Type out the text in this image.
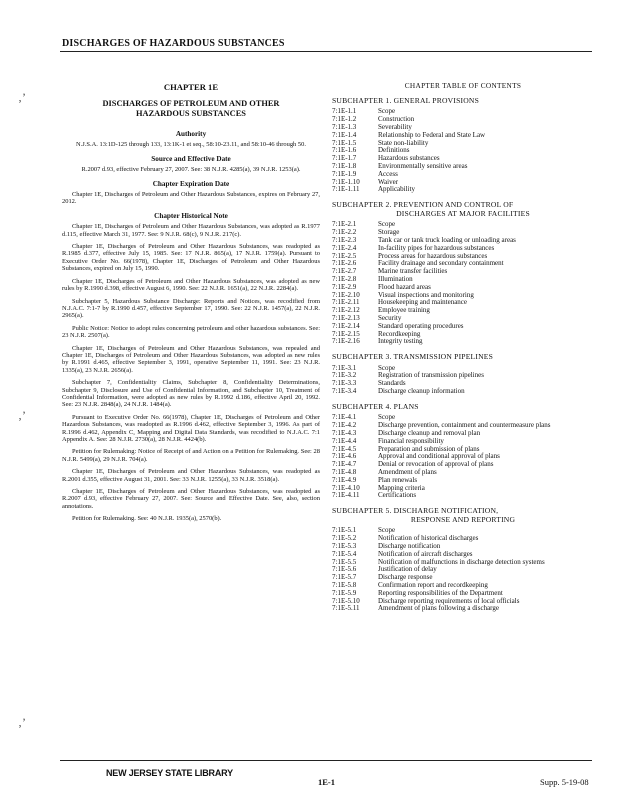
DISCHARGES OF HAZARDOUS SUBSTANCES
‚’
‚’
‚’
CHAPTER 1E
DISCHARGES OF PETROLEUM AND OTHER
HAZARDOUS SUBSTANCES
Authority
N.J.S.A. 13:1D-125 through 133, 13:1K-1 et seq., 58:10-23.11, and 58:10-46 through 50.
Source and Effective Date
R.2007 d.93, effective February 27, 2007. See: 38 N.J.R. 4285(a), 39 N.J.R. 1253(a).
Chapter Expiration Date

Chapter 1E, Discharges of Petroleum and Other Hazardous Substances, expires on February 27, 2012.

Chapter Historical Note

Chapter 1E, Discharges of Petroleum and Other Hazardous Substances, was adopted as R.1977 d.115, effective March 31, 1977. See: 9 N.J.R. 68(c), 9 N.J.R. 217(c).

Chapter 1E, Discharges of Petroleum and Other Hazardous Substances, was readopted as R.1985 d.377, effective July 15, 1985. See: 17 N.J.R. 865(a), 17 N.J.R. 1759(a). Pursuant to Executive Order No. 66(1978), Chapter 1E, Discharges of Petroleum and Other Hazardous Substances, expired on July 15, 1990.

Chapter 1E, Discharges of Petroleum and Other Hazardous Substances, was adopted as new rules by R.1990 d.398, effective August 6, 1990. See: 22 N.J.R. 1651(a), 22 N.J.R. 2284(a).

Subchapter 5, Hazardous Substance Discharge: Reports and Notices, was recodified from N.J.A.C. 7:1-7 by R.1990 d.457, effective September 17, 1990. See: 22 N.J.R. 1457(a), 22 N.J.R. 2965(a).

Public Notice: Notice to adopt rules concerning petroleum and other hazardous substances. See: 23 N.J.R. 2507(a).

Chapter 1E, Discharges of Petroleum and Other Hazardous Substances, was repealed and Chapter 1E, Discharges of Petroleum and Other Hazardous Substances, was adopted as new rules by R.1991 d.465, effective September 3, 1991, operative September 11, 1991. See: 23 N.J.R. 1335(a), 23 N.J.R. 2656(a).

Subchapter 7, Confidentiality Claims, Subchapter 8, Confidentiality Determinations, Subchapter 9, Disclosure and Use of Confidential Information, and Subchapter 10, Treatment of Confidential Information, were adopted as new rules by R.1992 d.186, effective April 20, 1992. See: 23 N.J.R. 2848(a), 24 N.J.R. 1484(a).

Pursuant to Executive Order No. 66(1978), Chapter 1E, Discharges of Petroleum and Other Hazardous Substances, was readopted as R.1996 d.462, effective September 3, 1996. As part of R.1996 d.462, Appendix C, Mapping and Digital Data Standards, was recodified to N.J.A.C. 7:1 Appendix A. See: 28 N.J.R. 2730(a), 28 N.J.R. 4424(b).

Petition for Rulemaking: Notice of Receipt of and Action on a Petition for Rulemaking. See: 28 N.J.R. 5499(a), 29 N.J.R. 704(a).

Chapter 1E, Discharges of Petroleum and Other Hazardous Substances, was readopted as R.2001 d.355, effective August 31, 2001. See: 33 N.J.R. 1255(a), 33 N.J.R. 3518(a).

Chapter 1E, Discharges of Petroleum and Other Hazardous Substances, was readopted as R.2007 d.93, effective February 27, 2007. See: Source and Effective Date. See, also, section annotations.

Petition for Rulemaking. See: 40 N.J.R. 1935(a), 2570(b).

CHAPTER TABLE OF CONTENTS
SUBCHAPTER 1. GENERAL PROVISIONS
7:1E-1.1	Scope
7:1E-1.2	Construction
7:1E-1.3	Severability
7:1E-1.4	Relationship to Federal and State Law
7:1E-1.5	State non-liability
7:1E-1.6	Definitions
7:1E-1.7	Hazardous substances
7:1E-1.8	Environmentally sensitive areas
7:1E-1.9	Access
7:1E-1.10	Waiver
7:1E-1.11	Applicability
SUBCHAPTER 2. PREVENTION AND CONTROL OF
DISCHARGES AT MAJOR FACILITIES
7:1E-2.1	Scope
7:1E-2.2	Storage
7:1E-2.3	Tank car or tank truck loading or unloading areas
7:1E-2.4	In-facility pipes for hazardous substances
7:1E-2.5	Process areas for hazardous substances
7:1E-2.6	Facility drainage and secondary containment
7:1E-2.7	Marine transfer facilities
7:1E-2.8	Illumination
7:1E-2.9	Flood hazard areas
7:1E-2.10	Visual inspections and monitoring
7:1E-2.11	Housekeeping and maintenance
7:1E-2.12	Employee training
7:1E-2.13	Security
7:1E-2.14	Standard operating procedures
7:1E-2.15	Recordkeeping
7:1E-2.16	Integrity testing
SUBCHAPTER 3. TRANSMISSION PIPELINES
7:1E-3.1	Scope
7:1E-3.2	Registration of transmission pipelines
7:1E-3.3	Standards
7:1E-3.4	Discharge cleanup information
SUBCHAPTER 4. PLANS
7:1E-4.1	Scope
7:1E-4.2	Discharge prevention, containment and countermeasure plans
7:1E-4.3	Discharge cleanup and removal plan
7:1E-4.4	Financial responsibility
7:1E-4.5	Preparation and submission of plans
7:1E-4.6	Approval and conditional approval of plans
7:1E-4.7	Denial or revocation of approval of plans
7:1E-4.8	Amendment of plans
7:1E-4.9	Plan renewals
7:1E-4.10	Mapping criteria
7:1E-4.11	Certifications
SUBCHAPTER 5. DISCHARGE NOTIFICATION,
RESPONSE AND REPORTING
7:1E-5.1	Scope
7:1E-5.2	Notification of historical discharges
7:1E-5.3	Discharge notification
7:1E-5.4	Notification of aircraft discharges
7:1E-5.5	Notification of malfunctions in discharge detection systems
7:1E-5.6	Justification of delay
7:1E-5.7	Discharge response
7:1E-5.8	Confirmation report and recordkeeping
7:1E-5.9	Reporting responsibilities of the Department
7:1E-5.10	Discharge reporting requirements of local officials
7:1E-5.11	Amendment of plans following a discharge
NEW JERSEY STATE LIBRARY
1E-1	Supp. 5-19-08
